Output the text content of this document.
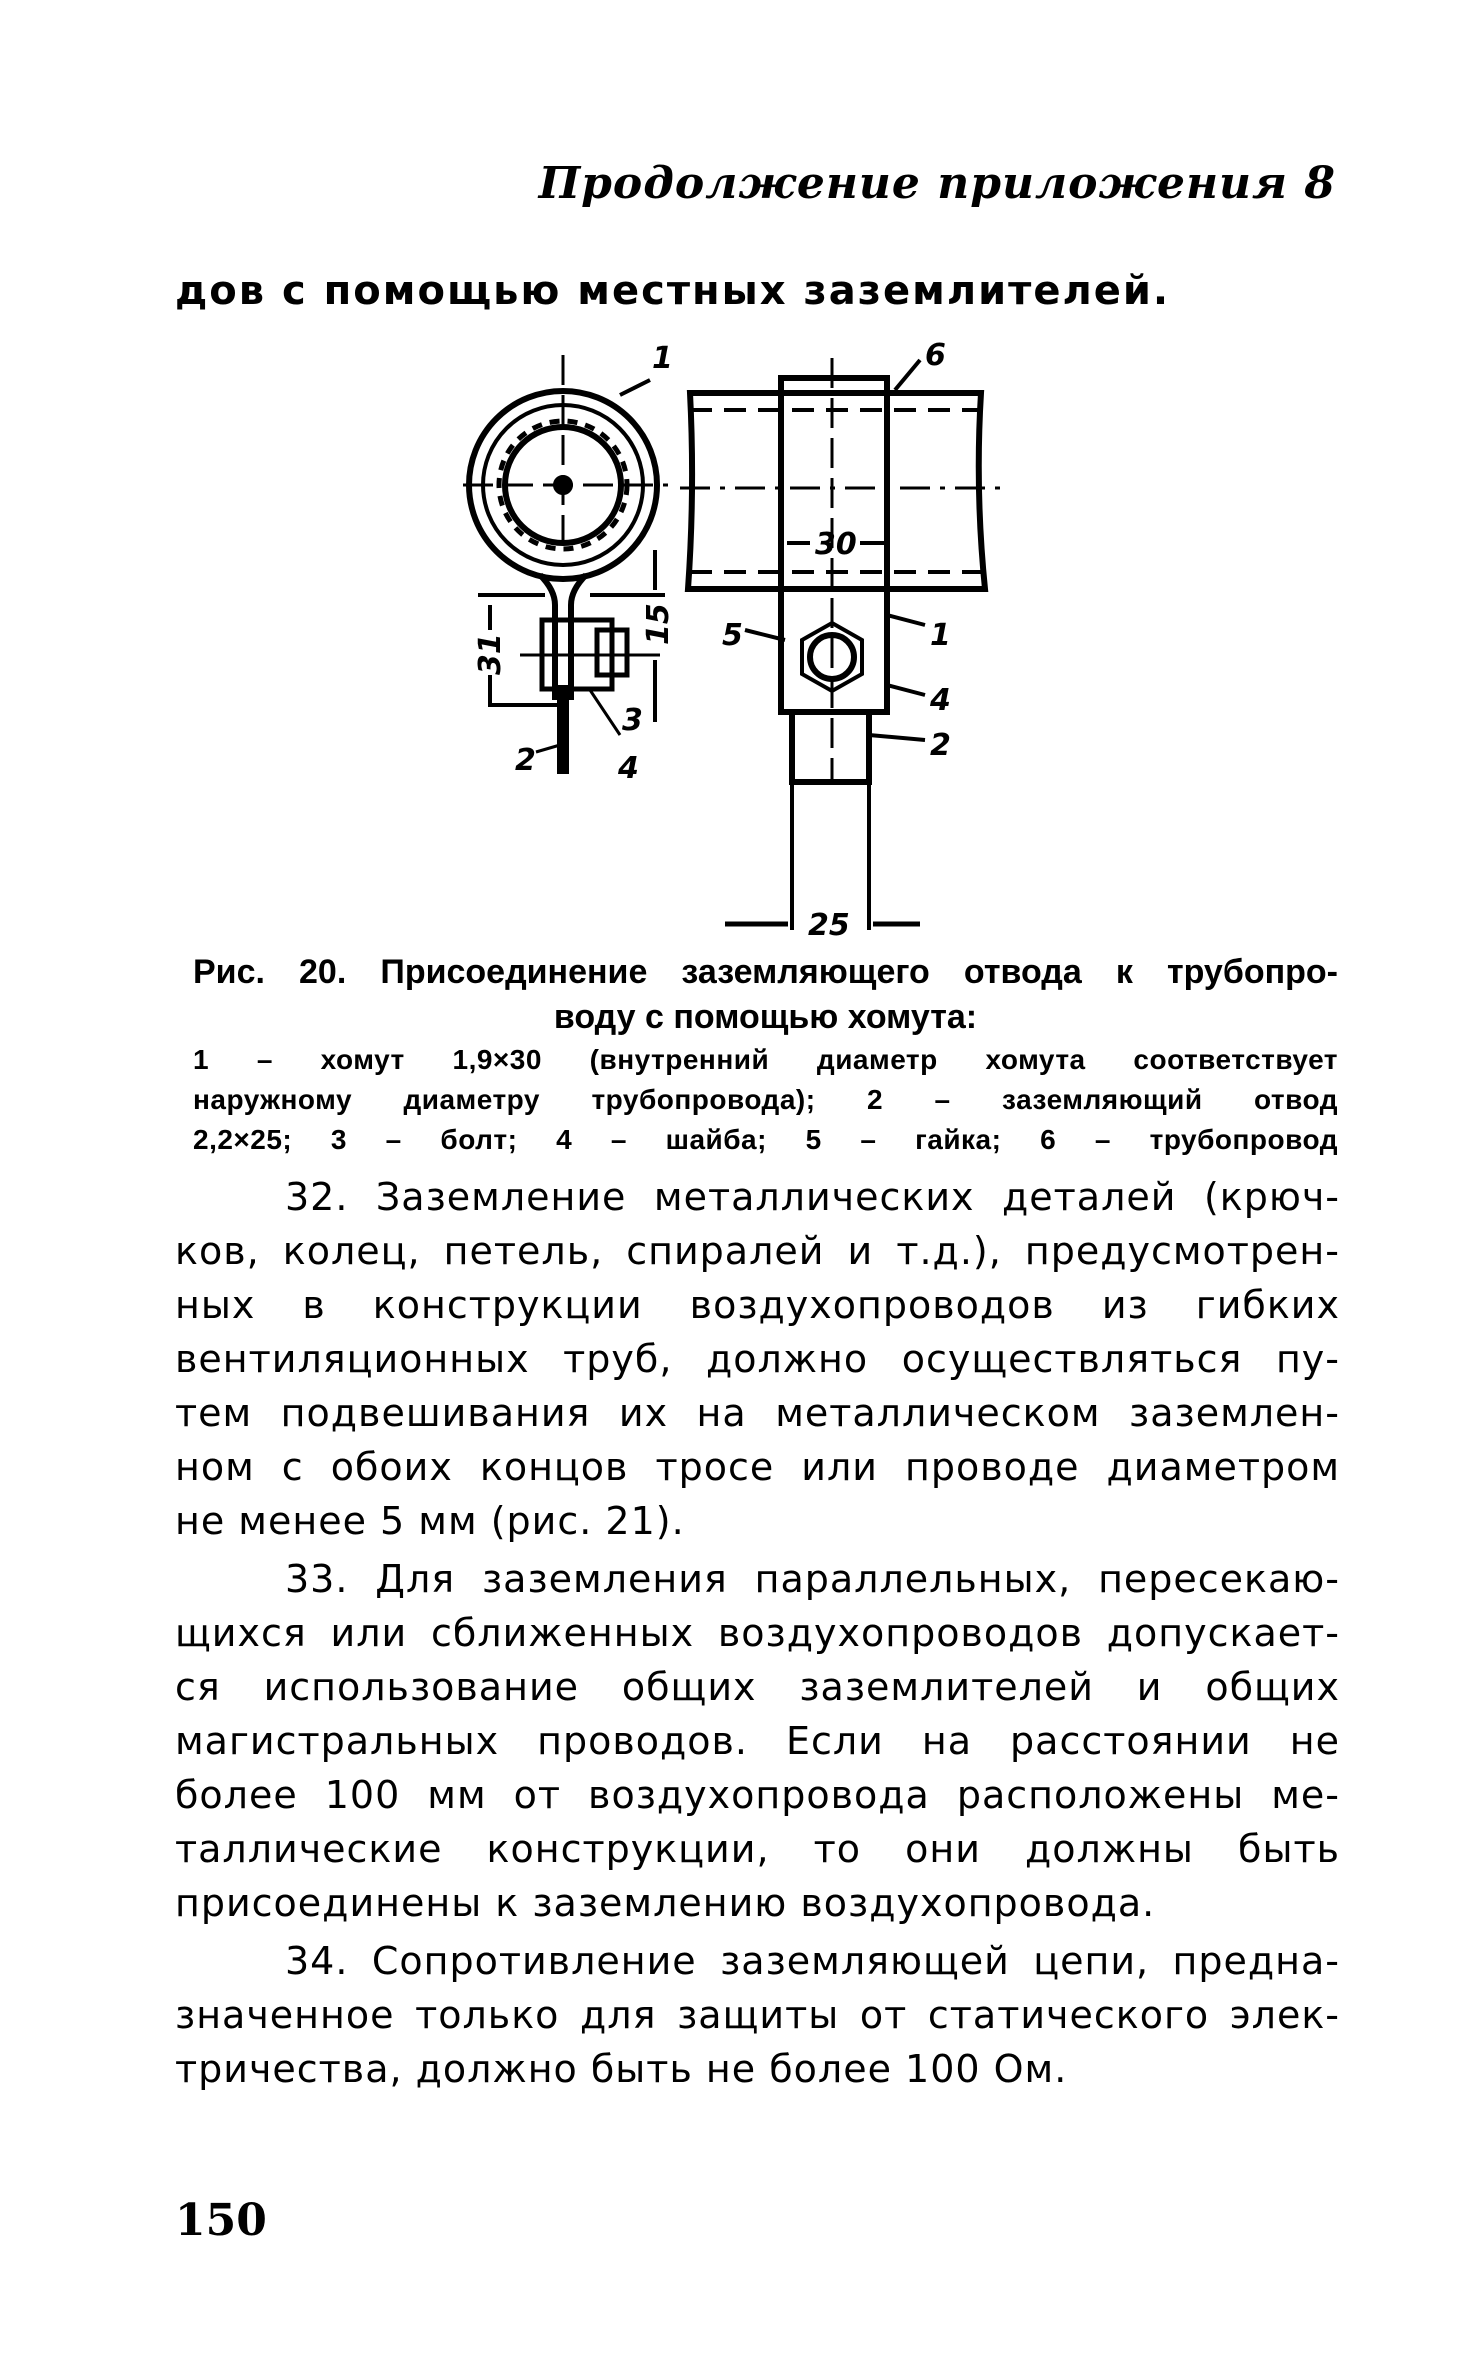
Продолжение приложения 8
дов с помощью местных заземлителей.
1	6
30
15
31	5	1
4
2
25
2	4
3
Рис. 20. Присоединение заземляющего отвода к трубопро-
воду с помощью хомута:
1 – хомут 1,9×30 (внутренний диаметр хомута соответствует
наружному диаметру трубопровода); 2 – заземляющий отвод
2,2×25; 3 – болт; 4 – шайба; 5 – гайка; 6 – трубопровод
32. Заземление металлических деталей (крюч-
ков, колец, петель, спиралей и т.д.), предусмотрен-
ных в конструкции воздухопроводов из гибких
вентиляционных труб, должно осуществляться пу-
тем подвешивания их на металлическом заземлен-
ном с обоих концов тросе или проводе диаметром
не менее 5 мм (рис. 21).
33. Для заземления параллельных, пересекаю-
щихся или сближенных воздухопроводов допускает-
ся использование общих заземлителей и общих
магистральных проводов. Если на расстоянии не
более 100 мм от воздухопровода расположены ме-
таллические конструкции, то они должны быть
присоединены к заземлению воздухопровода.
34. Сопротивление заземляющей цепи, предна-
значенное только для защиты от статического элек-
тричества, должно быть не более 100 Ом.
150
